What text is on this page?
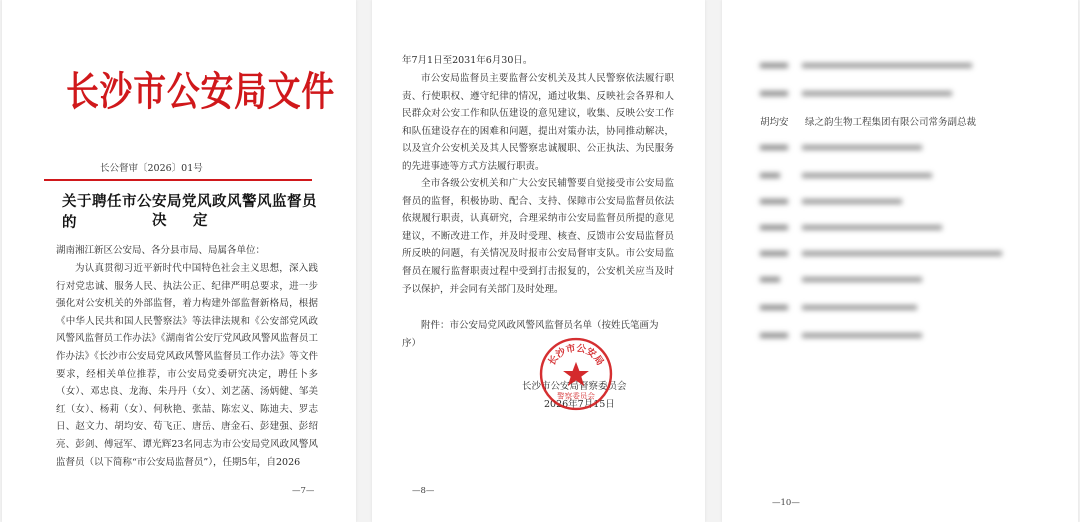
长沙市公安局文件
长公督审〔2026〕01号
关于聘任市公安局党风政风警风监督员的	决　定
湖南湘江新区公安局、各分县市局、局属各单位：
为认真贯彻习近平新时代中国特色社会主义思想，深入践行对党忠诚、服务人民、执法公正、纪律严明总要求，进一步强化对公安机关的外部监督，着力构建外部监督新格局，根据《中华人民共和国人民警察法》等法律法规和《公安部党风政风警风监督员工作办法》《湖南省公安厅党风政风警风监督员工作办法》《长沙市公安局党风政风警风监督员工作办法》等文件要求，经相关单位推荐，市公安局党委研究决定，聘任卜多（女）、邓忠良、龙海、朱丹丹（女）、刘艺菡、汤炳健、邹美红（女）、杨莉（女）、何秋艳、张喆、陈宏义、陈迪夫、罗志日、赵文力、胡均安、荀飞正、唐岳、唐金石、彭建强、彭绍亮、彭剑、傅冠军、谭光辉23名同志为市公安局党风政风警风监督员（以下简称“市公安局监督员”），任期5年，自2026
—7—
年7月1日至2031年6月30日。
市公安局监督员主要监督公安机关及其人民警察依法履行职责、行使职权、遵守纪律的情况，通过收集、反映社会各界和人民群众对公安工作和队伍建设的意见建议，收集、反映公安工作和队伍建设存在的困难和问题，提出对策办法，协同推动解决，以及宣介公安机关及其人民警察忠诚履职、公正执法、为民服务的先进事迹等方式方法履行职责。
全市各级公安机关和广大公安民辅警要自觉接受市公安局监督员的监督，积极协助、配合、支持、保障市公安局监督员依法依规履行职责，认真研究，合理采纳市公安局监督员所提的意见建议，不断改进工作，并及时受理、核查、反馈市公安局监督员所反映的问题，有关情况及时报市公安局督审支队。市公安局监督员在履行监督职责过程中受到打击报复的，公安机关应当及时予以保护，并会同有关部门及时处理。
附件：市公安局党风政风警风监督员名单（按姓氏笔画为序）
长沙市公安局督察委员会
2026年7月15日
—8—
长沙市公安局
警察委员会
—10—
胡均安 绿之韵生物工程集团有限公司常务副总裁
